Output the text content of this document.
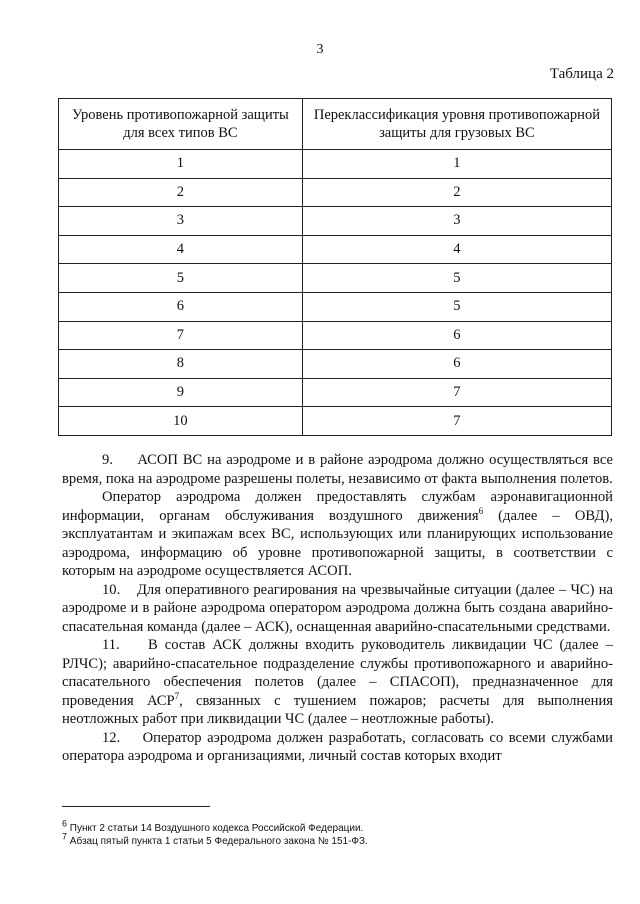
3
Таблица 2
Уровень противопожарной защиты для всех типов ВС	Переклассификация уровня противопожарной защиты для грузовых ВС
1	1
2	2
3	3
4	4
5	5
6	5
7	6
8	6
9	7
10	7

9.     АСОП ВС на аэродроме и в районе аэродрома должно осуществляться все время, пока на аэродроме разрешены полеты, независимо от факта выполнения полетов.

Оператор аэродрома должен предоставлять службам аэронавигационной информации, органам обслуживания воздушного движения$^6$ (далее – ОВД), эксплуатантам и экипажам всех ВС, использующих или планирующих использование аэродрома, информацию об уровне противопожарной защиты, в соответствии с которым на аэродроме осуществляется АСОП.

10.    Для оперативного реагирования на чрезвычайные ситуации (далее – ЧС) на аэродроме и в районе аэродрома оператором аэродрома должна быть создана аварийно-спасательная команда (далее – АСК), оснащенная аварийно-спасательными средствами.

11.    В состав АСК должны входить руководитель ликвидации ЧС (далее – РЛЧС); аварийно-спасательное подразделение службы противопожарного и аварийно-спасательного обеспечения полетов (далее – СПАСОП), предназначенное для проведения АСР$^7$, связанных с тушением пожаров; расчеты для выполнения неотложных работ при ликвидации ЧС (далее – неотложные работы).

12.    Оператор аэродрома должен разработать, согласовать со всеми службами оператора аэродрома и организациями, личный состав которых входит

$^6$ Пункт 2 статьи 14 Воздушного кодекса Российской Федерации.
$^7$ Абзац пятый пункта 1 статьи 5 Федерального закона № 151-ФЗ.
